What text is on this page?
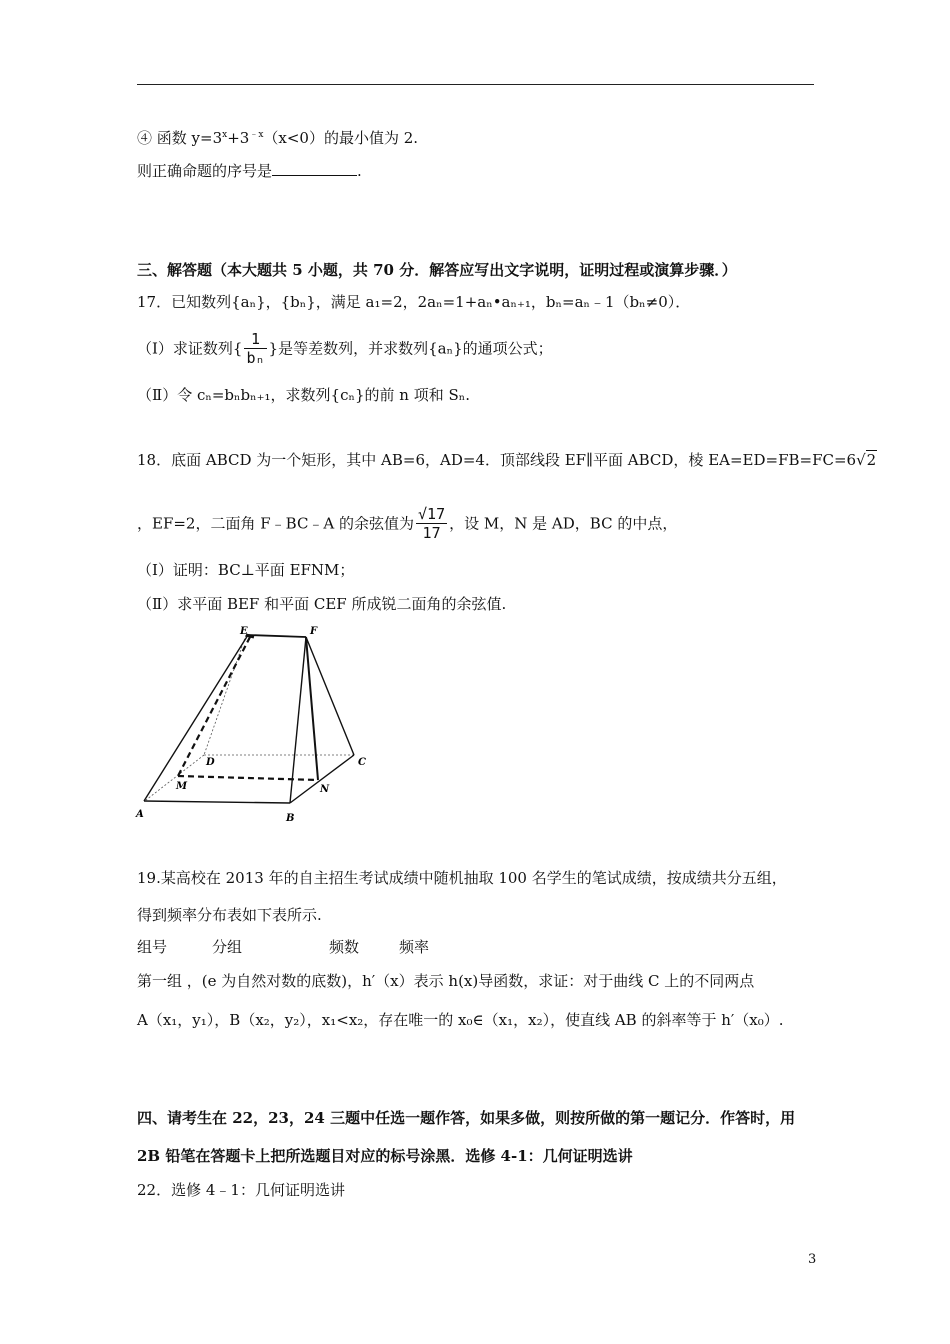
④ 函数 $y=3^x+3^{﹣x}(x<0)$的最小值为 2.
则正确命题的序号是	.
三、解答题（本大题共 5 小题，共 70 分．解答应写出文字说明，证明过程或演算步骤．）
17．已知数列{aₙ}，{bₙ}，满足 a₁=2，2aₙ=1+aₙ•aₙ₊₁，bₙ=aₙ﹣1（bₙ≠0）．
（Ⅰ）求证数列{ $\frac{1}{\text{bₙ}}$ }是等差数列，并求数列{aₙ}的通项公式；
（Ⅱ）令 cₙ=bₙbₙ₊₁，求数列{cₙ}的前 n 项和 Sₙ.
18．底面 ABCD 为一个矩形，其中 AB=6，AD=4．顶部线段 EF∥平面 ABCD，棱 EA=ED=FB=FC=6√2
，EF=2，二面角 F﹣BC﹣A 的余弦值为 $\frac{√17}{17}$ ，设 M，N 是 AD，BC 的中点，
（I）证明：BC⊥平面 EFNM；
（Ⅱ）求平面 BEF 和平面 CEF 所成锐二面角的余弦值.
E	F
D	C
M	N
A	B
19.某高校在 2013 年的自主招生考试成绩中随机抽取 100 名学生的笔试成绩，按成绩共分五组，
得到频率分布表如下表所示.
组号	分组	频数	频率
第一组 ，(e 为自然对数的底数)，h′（x）表示 h(x)导函数，求证：对于曲线 C 上的不同两点
A（x₁，y₁），B（x₂，y₂），x₁<x₂，存在唯一的 x₀∈（x₁，x₂），使直线 AB 的斜率等于 h′（x₀）.
四、请考生在 22，23，24 三题中任选一题作答，如果多做，则按所做的第一题记分．作答时，用
2B 铅笔在答题卡上把所选题目对应的标号涂黑．选修 4-1：几何证明选讲
22．选修 4﹣1：几何证明选讲
3
